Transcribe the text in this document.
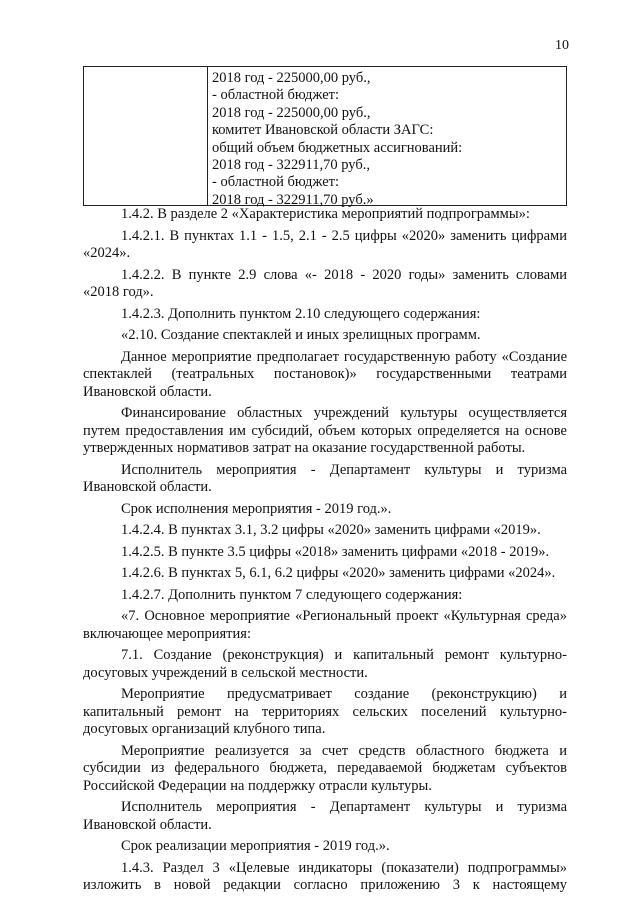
10
2018 год - 225000,00 руб.,
- областной бюджет:
2018 год - 225000,00 руб.,
комитет Ивановской области ЗАГС:
общий объем бюджетных ассигнований:
2018 год - 322911,70 руб.,
- областной бюджет:
2018 год - 322911,70 руб.»

1.4.2. В разделе 2 «Характеристика мероприятий подпрограммы»:

1.4.2.1. В пунктах 1.1 - 1.5, 2.1 - 2.5 цифры «2020» заменить цифрами «2024».

1.4.2.2. В пункте 2.9 слова «- 2018 - 2020 годы» заменить словами «2018 год».

1.4.2.3. Дополнить пунктом 2.10 следующего содержания:

«2.10. Создание спектаклей и иных зрелищных программ.

Данное мероприятие предполагает государственную работу «Создание спектаклей (театральных постановок)» государственными театрами Ивановской области.

Финансирование областных учреждений культуры осуществляется путем предоставления им субсидий, объем которых определяется на основе утвержденных нормативов затрат на оказание государственной работы.

Исполнитель мероприятия - Департамент культуры и туризма Ивановской области.

Срок исполнения мероприятия - 2019 год.».

1.4.2.4. В пунктах 3.1, 3.2 цифры «2020» заменить цифрами «2019».

1.4.2.5. В пункте 3.5 цифры «2018» заменить цифрами «2018 - 2019».

1.4.2.6. В пунктах 5, 6.1, 6.2 цифры «2020» заменить цифрами «2024».

1.4.2.7. Дополнить пунктом 7 следующего содержания:

«7. Основное мероприятие «Региональный проект «Культурная среда» включающее мероприятия:

7.1. Создание (реконструкция) и капитальный ремонт культурно-досуговых учреждений в сельской местности.

Мероприятие предусматривает создание (реконструкцию) и капитальный ремонт на территориях сельских поселений культурно-досуговых организаций клубного типа.

Мероприятие реализуется за счет средств областного бюджета и субсидии из федерального бюджета, передаваемой бюджетам субъектов Российской Федерации на поддержку отрасли культуры.

Исполнитель мероприятия - Департамент культуры и туризма Ивановской области.

Срок реализации мероприятия - 2019 год.».

1.4.3. Раздел 3 «Целевые индикаторы (показатели) подпрограммы» изложить в новой редакции согласно приложению 3 к настоящему
